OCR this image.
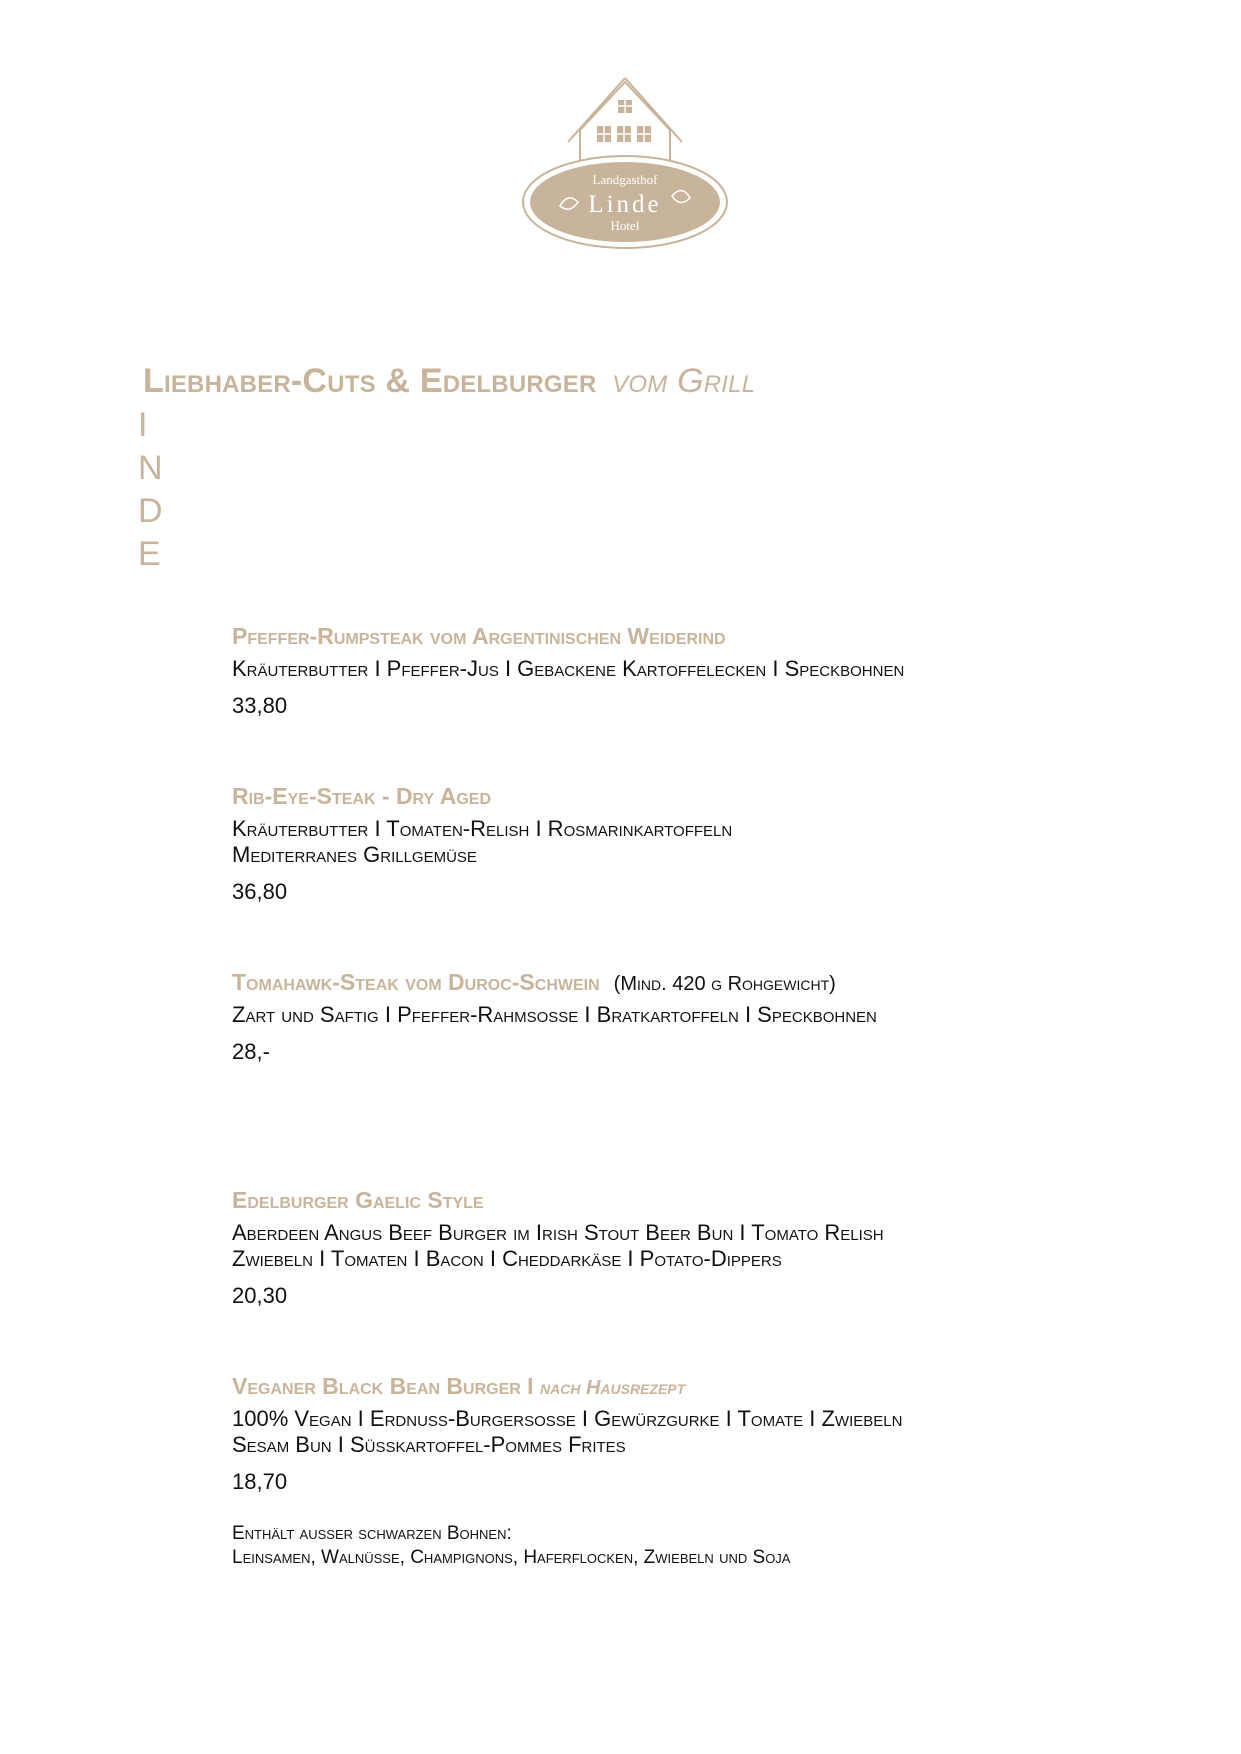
Landgasthof
Linde
Hotel
Liebhaber-Cuts & Edelburger vom Grill
I
N
D
E
Pfeffer-Rumpsteak vom Argentinischen Weiderind
Kräuterbutter I Pfeffer-Jus I Gebackene Kartoffelecken I Speckbohnen
33,80
Rib-Eye-Steak - Dry Aged
Kräuterbutter I Tomaten-Relish I Rosmarinkartoffeln
Mediterranes Grillgemüse
36,80
Tomahawk-Steak vom Duroc-Schwein (Mind. 420 g Rohgewicht)
Zart und Saftig I Pfeffer-Rahmsoße I Bratkartoffeln I Speckbohnen
28,-
Edelburger Gaelic Style
Aberdeen Angus Beef Burger im Irish Stout Beer Bun I Tomato Relish
Zwiebeln I Tomaten I Bacon I Cheddarkäse I Potato-Dippers
20,30
Veganer Black Bean Burger I nach Hausrezept
100% Vegan I Erdnuss-Burgersoße I Gewürzgurke I Tomate I Zwiebeln
Sesam Bun I Süßkartoffel-Pommes Frites
18,70
Enthält außer schwarzen Bohnen:
Leinsamen, Walnüsse, Champignons, Haferflocken, Zwiebeln und Soja
